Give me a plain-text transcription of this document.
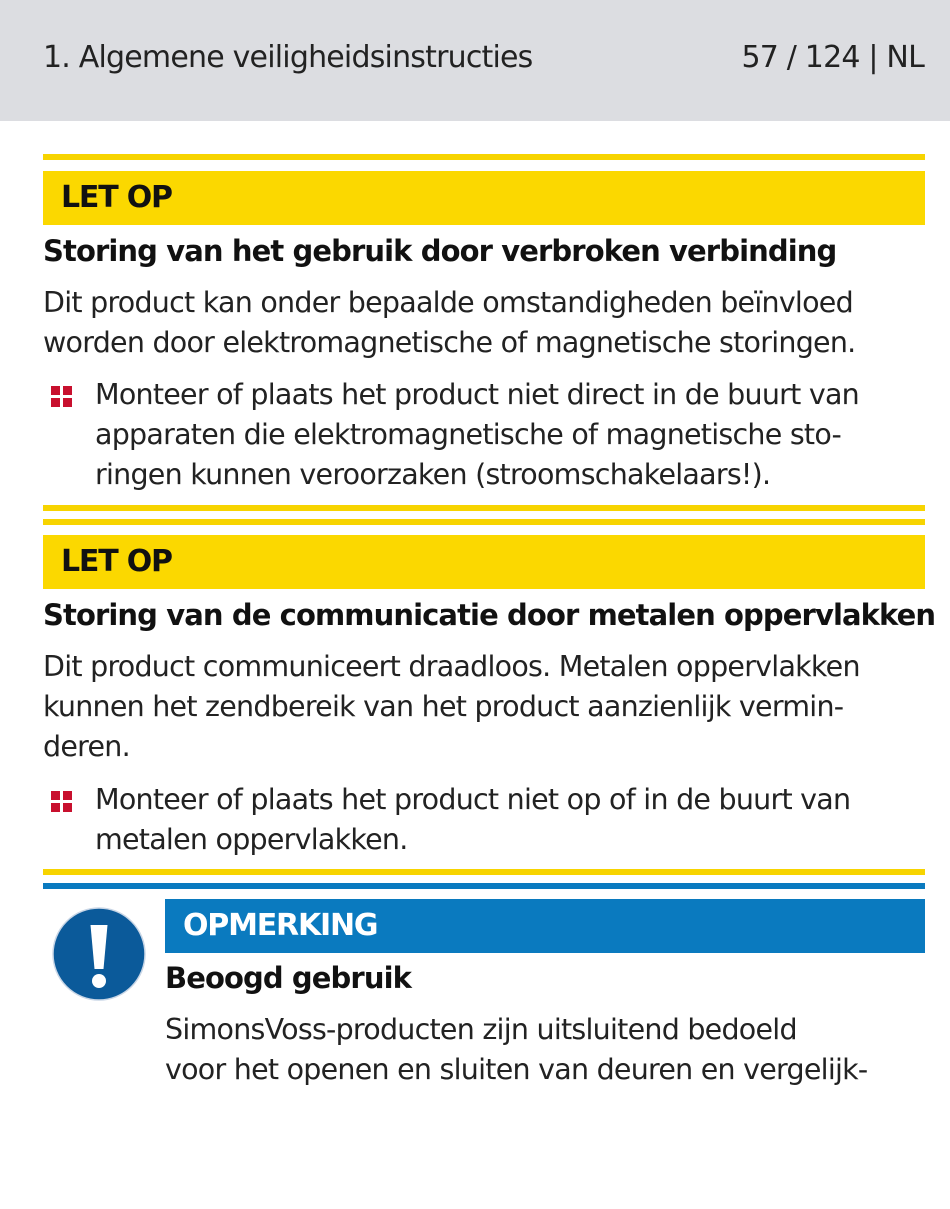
1. Algemene veiligheidsinstructies	57 / 124 | NL
LET OP
Storing van het gebruik door verbroken verbinding
Dit product kan onder bepaalde omstandigheden beïnvloed
worden door elektromagnetische of magnetische storingen.
Monteer of plaats het product niet direct in de buurt van
apparaten die elektromagnetische of magnetische sto-
ringen kunnen veroorzaken (stroomschakelaars!).
LET OP
Storing van de communicatie door metalen oppervlakken
Dit product communiceert draadloos. Metalen oppervlakken
kunnen het zendbereik van het product aanzienlijk vermin-
deren.
Monteer of plaats het product niet op of in de buurt van
metalen oppervlakken.
OPMERKING
Beoogd gebruik
SimonsVoss-producten zijn uitsluitend bedoeld
voor het openen en sluiten van deuren en vergelijk-
